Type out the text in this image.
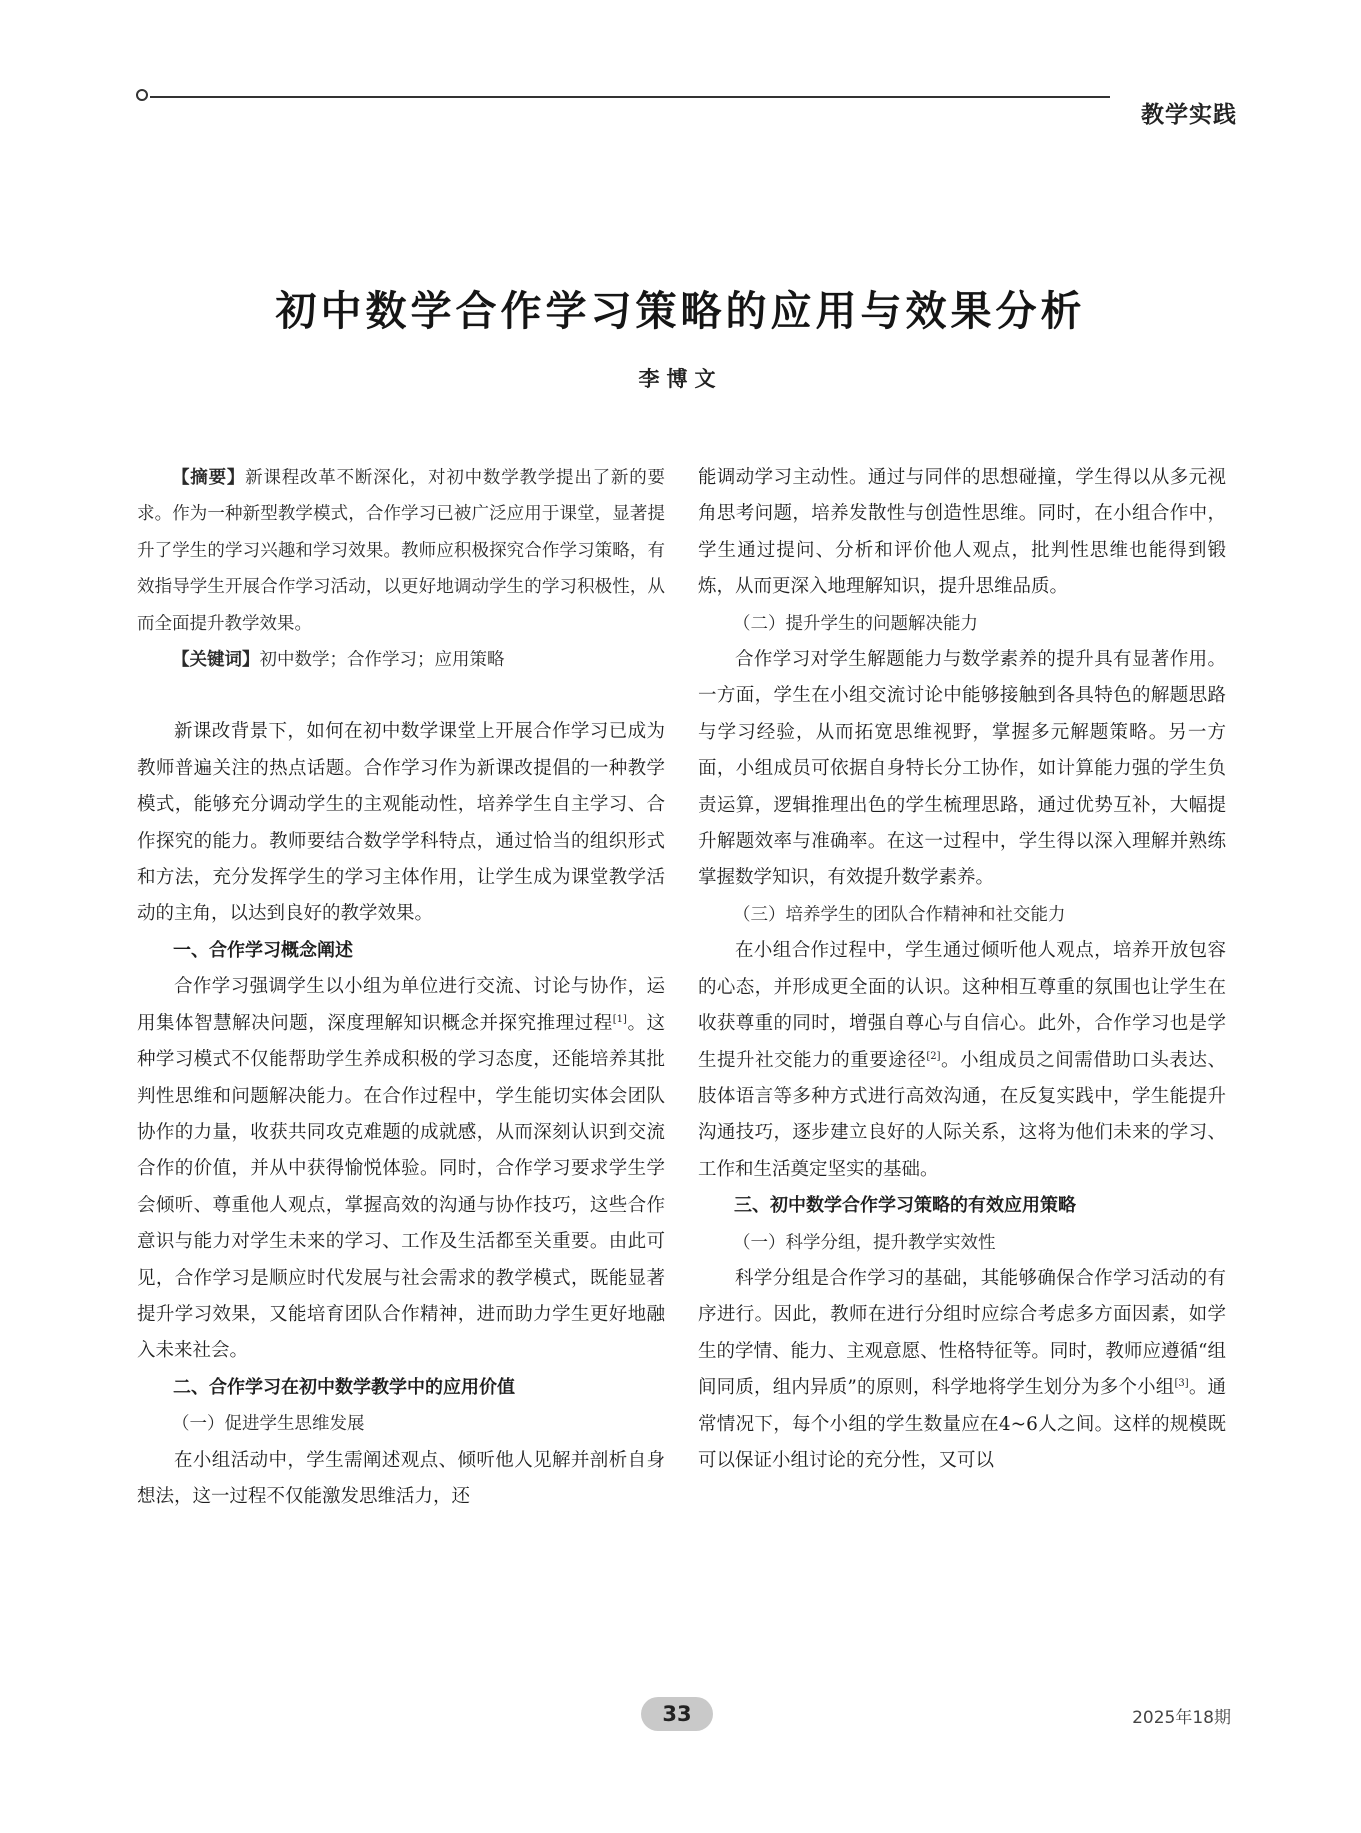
教学实践
初中数学合作学习策略的应用与效果分析
李博文

【摘要】新课程改革不断深化，对初中数学教学提出了新的要求。作为一种新型教学模式，合作学习已被广泛应用于课堂，显著提升了学生的学习兴趣和学习效果。教师应积极探究合作学习策略，有效指导学生开展合作学习活动，以更好地调动学生的学习积极性，从而全面提升教学效果。

【关键词】初中数学；合作学习；应用策略

新课改背景下，如何在初中数学课堂上开展合作学习已成为教师普遍关注的热点话题。合作学习作为新课改提倡的一种教学模式，能够充分调动学生的主观能动性，培养学生自主学习、合作探究的能力。教师要结合数学学科特点，通过恰当的组织形式和方法，充分发挥学生的学习主体作用，让学生成为课堂教学活动的主角，以达到良好的教学效果。

一、合作学习概念阐述

合作学习强调学生以小组为单位进行交流、讨论与协作，运用集体智慧解决问题，深度理解知识概念并探究推理过程[1]。这种学习模式不仅能帮助学生养成积极的学习态度，还能培养其批判性思维和问题解决能力。在合作过程中，学生能切实体会团队协作的力量，收获共同攻克难题的成就感，从而深刻认识到交流合作的价值，并从中获得愉悦体验。同时，合作学习要求学生学会倾听、尊重他人观点，掌握高效的沟通与协作技巧，这些合作意识与能力对学生未来的学习、工作及生活都至关重要。由此可见，合作学习是顺应时代发展与社会需求的教学模式，既能显著提升学习效果，又能培育团队合作精神，进而助力学生更好地融入未来社会。

二、合作学习在初中数学教学中的应用价值
（一）促进学生思维发展

在小组活动中，学生需阐述观点、倾听他人见解并剖析自身想法，这一过程不仅能激发思维活力，还

能调动学习主动性。通过与同伴的思想碰撞，学生得以从多元视角思考问题，培养发散性与创造性思维。同时，在小组合作中，学生通过提问、分析和评价他人观点，批判性思维也能得到锻炼，从而更深入地理解知识，提升思维品质。

（二）提升学生的问题解决能力

合作学习对学生解题能力与数学素养的提升具有显著作用。一方面，学生在小组交流讨论中能够接触到各具特色的解题思路与学习经验，从而拓宽思维视野，掌握多元解题策略。另一方面，小组成员可依据自身特长分工协作，如计算能力强的学生负责运算，逻辑推理出色的学生梳理思路，通过优势互补，大幅提升解题效率与准确率。在这一过程中，学生得以深入理解并熟练掌握数学知识，有效提升数学素养。

（三）培养学生的团队合作精神和社交能力

在小组合作过程中，学生通过倾听他人观点，培养开放包容的心态，并形成更全面的认识。这种相互尊重的氛围也让学生在收获尊重的同时，增强自尊心与自信心。此外，合作学习也是学生提升社交能力的重要途径[2]。小组成员之间需借助口头表达、肢体语言等多种方式进行高效沟通，在反复实践中，学生能提升沟通技巧，逐步建立良好的人际关系，这将为他们未来的学习、工作和生活奠定坚实的基础。

三、初中数学合作学习策略的有效应用策略
（一）科学分组，提升教学实效性

科学分组是合作学习的基础，其能够确保合作学习活动的有序进行。因此，教师在进行分组时应综合考虑多方面因素，如学生的学情、能力、主观意愿、性格特征等。同时，教师应遵循“组间同质，组内异质”的原则，科学地将学生划分为多个小组[3]。通常情况下，每个小组的学生数量应在4~6人之间。这样的规模既可以保证小组讨论的充分性，又可以

33	2025年18期
